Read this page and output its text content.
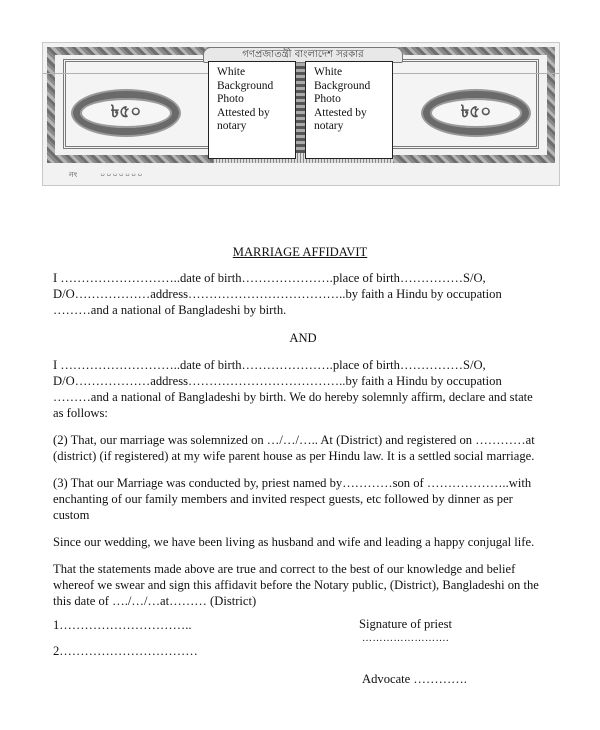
গণপ্রজাতন্ত্রী বাংলাদেশ সরকার
৳৫০	৳৫০
নং	০০০০০০০
White
Background
Photo
Attested by
notary
White
Background
Photo
Attested by
notary
MARRIAGE AFFIDAVIT
I ………………………..date of birth………………….place of birth……………S/O,
D/O………………address………………………………..by faith a Hindu by occupation
………and a national of Bangladeshi by birth.
AND
I ………………………..date of birth………………….place of birth……………S/O,
D/O………………address………………………………..by faith a Hindu by occupation
………and a national of Bangladeshi by birth. We do hereby solemnly affirm, declare and state
as follows:
(2) That, our marriage was solemnized on …/…/….. At (District) and registered on …………at
(district) (if registered) at my wife parent house as per Hindu law. It is a settled social marriage.
(3) That our Marriage was conducted by, priest named by…………son of ………………..with
enchanting of our family members and invited respect guests, etc followed by dinner as per
custom
Since our wedding, we have been living as husband and wife and leading a happy conjugal life.
That the statements made above are true and correct to the best of our knowledge and belief
whereof we swear and sign this affidavit before the Notary public, (District), Bangladeshi on the
this date of …./…/…at……… (District)
1…………………………..
2……………………………
Signature of priest
…………………….
Advocate ………….
